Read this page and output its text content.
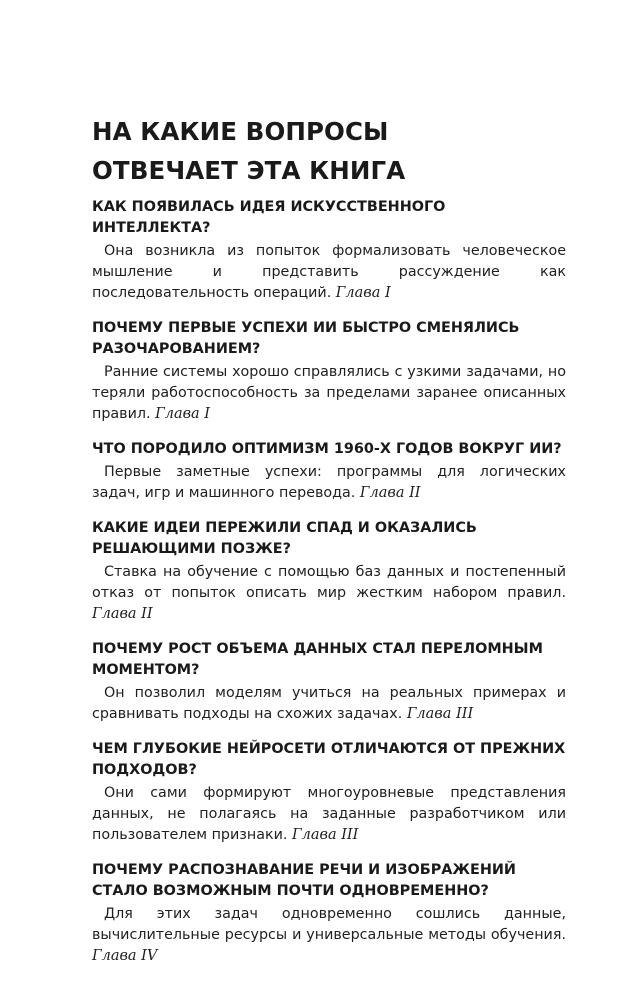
НА КАКИЕ ВОПРОСЫ
ОТВЕЧАЕТ ЭТА КНИГА
КАК ПОЯВИЛАСЬ ИДЕЯ ИСКУССТВЕННОГО ИНТЕЛЛЕКТА?

Она возникла из попыток формализовать человеческое мышление и представить рассуждение как последовательность операций. Глава I

ПОЧЕМУ ПЕРВЫЕ УСПЕХИ ИИ БЫСТРО СМЕНЯЛИСЬ РАЗОЧАРОВАНИЕМ?

Ранние системы хорошо справлялись с узкими задачами, но теряли работоспособность за пределами заранее описанных правил. Глава I

ЧТО ПОРОДИЛО ОПТИМИЗМ 1960-Х ГОДОВ ВОКРУГ ИИ?

Первые заметные успехи: программы для логических задач, игр и машинного перевода. Глава II

КАКИЕ ИДЕИ ПЕРЕЖИЛИ СПАД И ОКАЗАЛИСЬ РЕШАЮЩИМИ ПОЗЖЕ?

Ставка на обучение с помощью баз данных и постепенный отказ от попыток описать мир жестким набором правил. Глава II

ПОЧЕМУ РОСТ ОБЪЕМА ДАННЫХ СТАЛ ПЕРЕЛОМНЫМ МОМЕНТОМ?

Он позволил моделям учиться на реальных примерах и сравнивать подходы на схожих задачах. Глава III

ЧЕМ ГЛУБОКИЕ НЕЙРОСЕТИ ОТЛИЧАЮТСЯ ОТ ПРЕЖНИХ ПОДХОДОВ?

Они сами формируют многоуровневые представления данных, не полагаясь на заданные разработчиком или пользователем признаки. Глава III

ПОЧЕМУ РАСПОЗНАВАНИЕ РЕЧИ И ИЗОБРАЖЕНИЙ СТАЛО ВОЗМОЖНЫМ ПОЧТИ ОДНОВРЕМЕННО?

Для этих задач одновременно сошлись данные, вычислительные ресурсы и универсальные методы обучения. Глава IV
